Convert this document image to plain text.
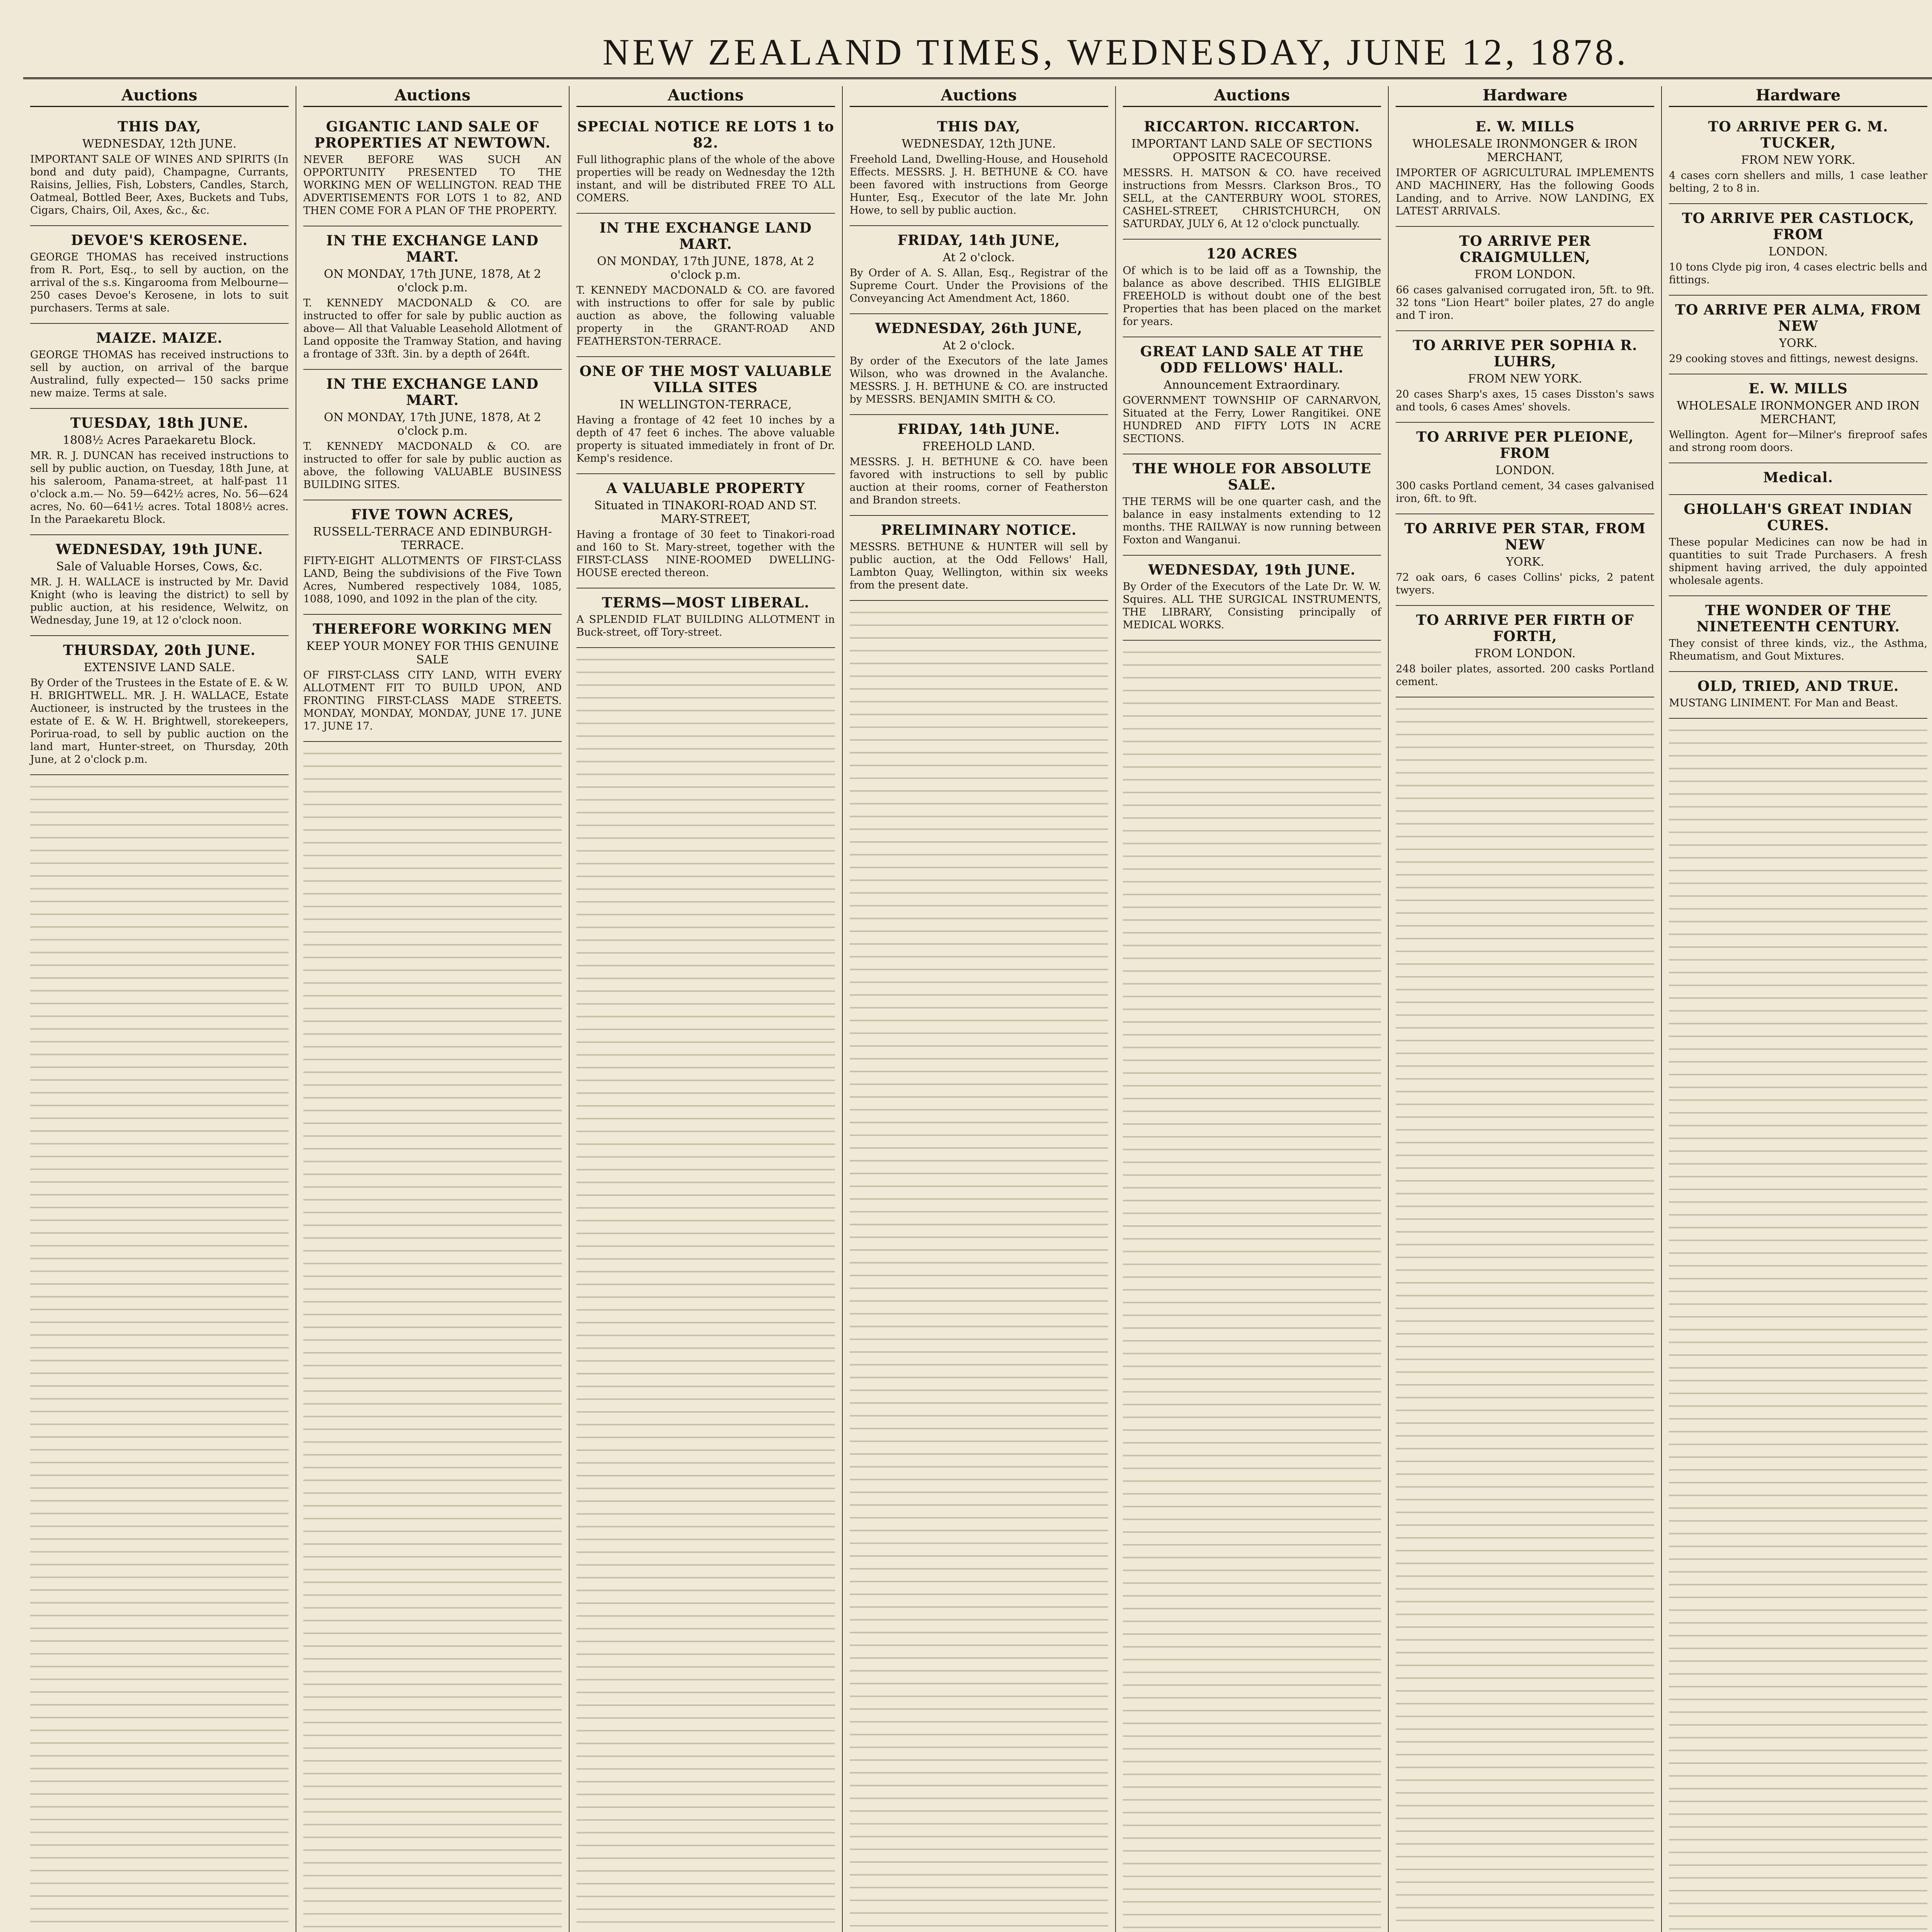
NEW ZEALAND TIMES, WEDNESDAY, JUNE 12, 1878.
Auctions
THIS DAY,
WEDNESDAY, 12th JUNE.

IMPORTANT SALE OF WINES AND SPIRITS (In bond and duty paid), Champagne, Currants, Raisins, Jellies, Fish, Lobsters, Candles, Starch, Oatmeal, Bottled Beer, Axes, Buckets and Tubs, Cigars, Chairs, Oil, Axes, &c., &c.

DEVOE'S KEROSENE.

GEORGE THOMAS has received instructions from R. Port, Esq., to sell by auction, on the arrival of the s.s. Kingarooma from Melbourne— 250 cases Devoe's Kerosene, in lots to suit purchasers. Terms at sale.

MAIZE. MAIZE.

GEORGE THOMAS has received instructions to sell by auction, on arrival of the barque Australind, fully expected— 150 sacks prime new maize. Terms at sale.

TUESDAY, 18th JUNE.
1808½ Acres Paraekaretu Block.

MR. R. J. DUNCAN has received instructions to sell by public auction, on Tuesday, 18th June, at his saleroom, Panama-street, at half-past 11 o'clock a.m.— No. 59—642½ acres, No. 56—624 acres, No. 60—641½ acres. Total 1808½ acres. In the Paraekaretu Block.

WEDNESDAY, 19th JUNE.
Sale of Valuable Horses, Cows, &c.

MR. J. H. WALLACE is instructed by Mr. David Knight (who is leaving the district) to sell by public auction, at his residence, Welwitz, on Wednesday, June 19, at 12 o'clock noon.

THURSDAY, 20th JUNE.
EXTENSIVE LAND SALE.

By Order of the Trustees in the Estate of E. & W. H. BRIGHTWELL. MR. J. H. WALLACE, Estate Auctioneer, is instructed by the trustees in the estate of E. & W. H. Brightwell, storekeepers, Porirua-road, to sell by public auction on the land mart, Hunter-street, on Thursday, 20th June, at 2 o'clock p.m.

Auctions
GIGANTIC LAND SALE OF PROPERTIES AT NEWTOWN.

NEVER BEFORE WAS SUCH AN OPPORTUNITY PRESENTED TO THE WORKING MEN OF WELLINGTON. READ THE ADVERTISEMENTS FOR LOTS 1 to 82, AND THEN COME FOR A PLAN OF THE PROPERTY.

IN THE EXCHANGE LAND MART.
ON MONDAY, 17th JUNE, 1878, At 2 o'clock p.m.

T. KENNEDY MACDONALD & CO. are instructed to offer for sale by public auction as above— All that Valuable Leasehold Allotment of Land opposite the Tramway Station, and having a frontage of 33ft. 3in. by a depth of 264ft.

IN THE EXCHANGE LAND MART.
ON MONDAY, 17th JUNE, 1878, At 2 o'clock p.m.

T. KENNEDY MACDONALD & CO. are instructed to offer for sale by public auction as above, the following VALUABLE BUSINESS BUILDING SITES.

FIVE TOWN ACRES,
RUSSELL-TERRACE AND EDINBURGH-TERRACE.

FIFTY-EIGHT ALLOTMENTS OF FIRST-CLASS LAND, Being the subdivisions of the Five Town Acres, Numbered respectively 1084, 1085, 1088, 1090, and 1092 in the plan of the city.

THEREFORE WORKING MEN
KEEP YOUR MONEY FOR THIS GENUINE SALE

OF FIRST-CLASS CITY LAND, WITH EVERY ALLOTMENT FIT TO BUILD UPON, AND FRONTING FIRST-CLASS MADE STREETS. MONDAY, MONDAY, MONDAY, JUNE 17. JUNE 17. JUNE 17.

Auctions
SPECIAL NOTICE RE LOTS 1 to 82.

Full lithographic plans of the whole of the above properties will be ready on Wednesday the 12th instant, and will be distributed FREE TO ALL COMERS.

IN THE EXCHANGE LAND MART.
ON MONDAY, 17th JUNE, 1878, At 2 o'clock p.m.

T. KENNEDY MACDONALD & CO. are favored with instructions to offer for sale by public auction as above, the following valuable property in the GRANT-ROAD AND FEATHERSTON-TERRACE.

ONE OF THE MOST VALUABLE VILLA SITES
IN WELLINGTON-TERRACE,

Having a frontage of 42 feet 10 inches by a depth of 47 feet 6 inches. The above valuable property is situated immediately in front of Dr. Kemp's residence.

A VALUABLE PROPERTY
Situated in TINAKORI-ROAD AND ST. MARY-STREET,

Having a frontage of 30 feet to Tinakori-road and 160 to St. Mary-street, together with the FIRST-CLASS NINE-ROOMED DWELLING-HOUSE erected thereon.

TERMS—MOST LIBERAL.

A SPLENDID FLAT BUILDING ALLOTMENT in Buck-street, off Tory-street.

Auctions
THIS DAY,
WEDNESDAY, 12th JUNE.

Freehold Land, Dwelling-House, and Household Effects. MESSRS. J. H. BETHUNE & CO. have been favored with instructions from George Hunter, Esq., Executor of the late Mr. John Howe, to sell by public auction.

FRIDAY, 14th JUNE,
At 2 o'clock.

By Order of A. S. Allan, Esq., Registrar of the Supreme Court. Under the Provisions of the Conveyancing Act Amendment Act, 1860.

WEDNESDAY, 26th JUNE,
At 2 o'clock.

By order of the Executors of the late James Wilson, who was drowned in the Avalanche. MESSRS. J. H. BETHUNE & CO. are instructed by MESSRS. BENJAMIN SMITH & CO.

FRIDAY, 14th JUNE.
FREEHOLD LAND.

MESSRS. J. H. BETHUNE & CO. have been favored with instructions to sell by public auction at their rooms, corner of Featherston and Brandon streets.

PRELIMINARY NOTICE.

MESSRS. BETHUNE & HUNTER will sell by public auction, at the Odd Fellows' Hall, Lambton Quay, Wellington, within six weeks from the present date.

Auctions
RICCARTON. RICCARTON.
IMPORTANT LAND SALE OF SECTIONS OPPOSITE RACECOURSE.

MESSRS. H. MATSON & CO. have received instructions from Messrs. Clarkson Bros., TO SELL, at the CANTERBURY WOOL STORES, CASHEL-STREET, CHRISTCHURCH, ON SATURDAY, JULY 6, At 12 o'clock punctually.

120 ACRES

Of which is to be laid off as a Township, the balance as above described. THIS ELIGIBLE FREEHOLD is without doubt one of the best Properties that has been placed on the market for years.

GREAT LAND SALE AT THE ODD FELLOWS' HALL.
Announcement Extraordinary.

GOVERNMENT TOWNSHIP OF CARNARVON, Situated at the Ferry, Lower Rangitikei. ONE HUNDRED AND FIFTY LOTS IN ACRE SECTIONS.

THE WHOLE FOR ABSOLUTE SALE.

THE TERMS will be one quarter cash, and the balance in easy instalments extending to 12 months. THE RAILWAY is now running between Foxton and Wanganui.

WEDNESDAY, 19th JUNE.

By Order of the Executors of the Late Dr. W. W. Squires. ALL THE SURGICAL INSTRUMENTS, THE LIBRARY, Consisting principally of MEDICAL WORKS.

Hardware
E. W. MILLS
WHOLESALE IRONMONGER & IRON MERCHANT,

IMPORTER OF AGRICULTURAL IMPLEMENTS AND MACHINERY, Has the following Goods Landing, and to Arrive. NOW LANDING, EX LATEST ARRIVALS.

TO ARRIVE PER CRAIGMULLEN,
FROM LONDON.

66 cases galvanised corrugated iron, 5ft. to 9ft. 32 tons "Lion Heart" boiler plates, 27 do angle and T iron.

TO ARRIVE PER SOPHIA R. LUHRS,
FROM NEW YORK.

20 cases Sharp's axes, 15 cases Disston's saws and tools, 6 cases Ames' shovels.

TO ARRIVE PER PLEIONE, FROM
LONDON.

300 casks Portland cement, 34 cases galvanised iron, 6ft. to 9ft.

TO ARRIVE PER STAR, FROM NEW
YORK.

72 oak oars, 6 cases Collins' picks, 2 patent twyers.

TO ARRIVE PER FIRTH OF FORTH,
FROM LONDON.

248 boiler plates, assorted. 200 casks Portland cement.

Hardware
TO ARRIVE PER G. M. TUCKER,
FROM NEW YORK.

4 cases corn shellers and mills, 1 case leather belting, 2 to 8 in.

TO ARRIVE PER CASTLOCK, FROM
LONDON.

10 tons Clyde pig iron, 4 cases electric bells and fittings.

TO ARRIVE PER ALMA, FROM NEW
YORK.

29 cooking stoves and fittings, newest designs.

E. W. MILLS
WHOLESALE IRONMONGER AND IRON MERCHANT,

Wellington. Agent for—Milner's fireproof safes and strong room doors.

Medical.
GHOLLAH'S GREAT INDIAN CURES.

These popular Medicines can now be had in quantities to suit Trade Purchasers. A fresh shipment having arrived, the duly appointed wholesale agents.

THE WONDER OF THE NINETEENTH CENTURY.

They consist of three kinds, viz., the Asthma, Rheumatism, and Gout Mixtures.

OLD, TRIED, AND TRUE.

MUSTANG LINIMENT. For Man and Beast.
